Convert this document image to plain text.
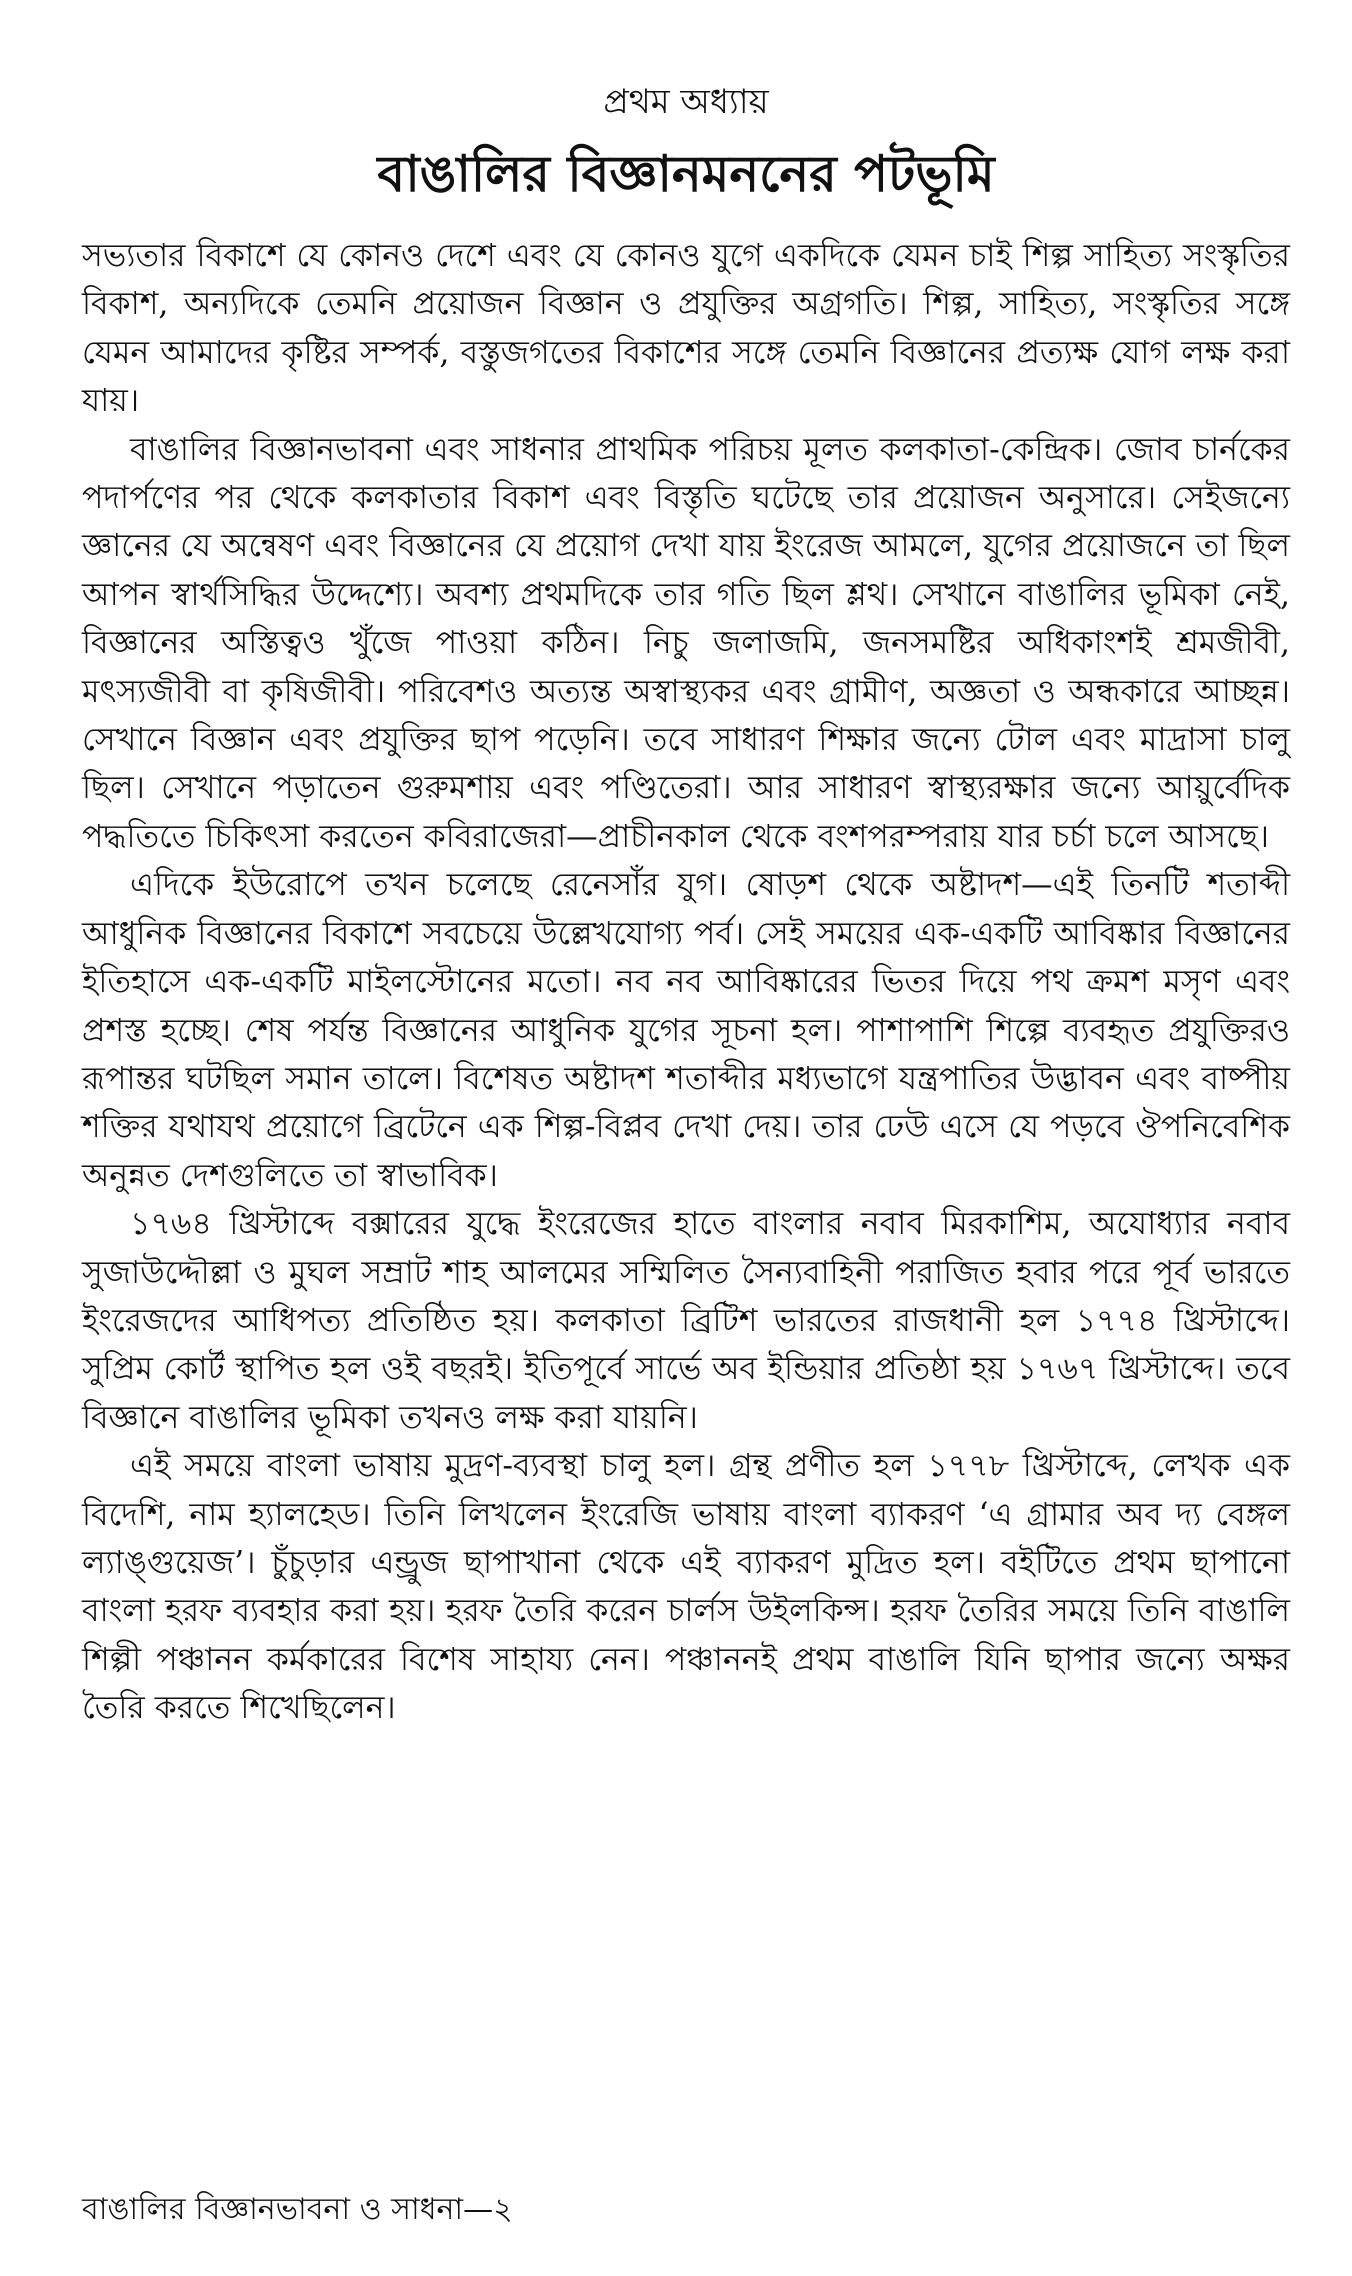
প্রথম অধ্যায়
বাঙালির বিজ্ঞানমননের পটভূমি

সভ্যতার বিকাশে যে কোনও দেশে এবং যে কোনও যুগে একদিকে যেমন চাই শিল্প সাহিত্য সংস্কৃতির বিকাশ, অন্যদিকে তেমনি প্রয়োজন বিজ্ঞান ও প্রযুক্তির অগ্রগতি। শিল্প, সাহিত্য, সংস্কৃতির সঙ্গে যেমন আমাদের কৃষ্টির সম্পর্ক, বস্তুজগতের বিকাশের সঙ্গে তেমনি বিজ্ঞানের প্রত্যক্ষ যোগ লক্ষ করা যায়।

বাঙালির বিজ্ঞানভাবনা এবং সাধনার প্রাথমিক পরিচয় মূলত কলকাতা-কেন্দ্রিক। জোব চার্নকের পদার্পণের পর থেকে কলকাতার বিকাশ এবং বিস্তৃতি ঘটেছে তার প্রয়োজন অনুসারে। সেইজন্যে জ্ঞানের যে অন্বেষণ এবং বিজ্ঞানের যে প্রয়োগ দেখা যায় ইংরেজ আমলে, যুগের প্রয়োজনে তা ছিল আপন স্বার্থসিদ্ধির উদ্দেশ্যে। অবশ্য প্রথমদিকে তার গতি ছিল শ্লথ। সেখানে বাঙালির ভূমিকা নেই, বিজ্ঞানের অস্তিত্বও খুঁজে পাওয়া কঠিন। নিচু জলাজমি, জনসমষ্টির অধিকাংশই শ্রমজীবী, মৎস্যজীবী বা কৃষিজীবী। পরিবেশও অত্যন্ত অস্বাস্থ্যকর এবং গ্রামীণ, অজ্ঞতা ও অন্ধকারে আচ্ছন্ন। সেখানে বিজ্ঞান এবং প্রযুক্তির ছাপ পড়েনি। তবে সাধারণ শিক্ষার জন্যে টোল এবং মাদ্রাসা চালু ছিল। সেখানে পড়াতেন গুরুমশায় এবং পণ্ডিতেরা। আর সাধারণ স্বাস্থ্যরক্ষার জন্যে আয়ুর্বেদিক পদ্ধতিতে চিকিৎসা করতেন কবিরাজেরা—প্রাচীনকাল থেকে বংশপরম্পরায় যার চর্চা চলে আসছে।

এদিকে ইউরোপে তখন চলেছে রেনেসাঁর যুগ। ষোড়শ থেকে অষ্টাদশ—এই তিনটি শতাব্দী আধুনিক বিজ্ঞানের বিকাশে সবচেয়ে উল্লেখযোগ্য পর্ব। সেই সময়ের এক-একটি আবিষ্কার বিজ্ঞানের ইতিহাসে এক-একটি মাইলস্টোনের মতো। নব নব আবিষ্কারের ভিতর দিয়ে পথ ক্রমশ মসৃণ এবং প্রশস্ত হচ্ছে। শেষ পর্যন্ত বিজ্ঞানের আধুনিক যুগের সূচনা হল। পাশাপাশি শিল্পে ব্যবহৃত প্রযুক্তিরও রূপান্তর ঘটছিল সমান তালে। বিশেষত অষ্টাদশ শতাব্দীর মধ্যভাগে যন্ত্রপাতির উদ্ভাবন এবং বাষ্পীয় শক্তির যথাযথ প্রয়োগে ব্রিটেনে এক শিল্প-বিপ্লব দেখা দেয়। তার ঢেউ এসে যে পড়বে ঔপনিবেশিক অনুন্নত দেশগুলিতে তা স্বাভাবিক।

১৭৬৪ খ্রিস্টাব্দে বক্সারের যুদ্ধে ইংরেজের হাতে বাংলার নবাব মিরকাশিম, অযোধ্যার নবাব সুজাউদ্দৌল্লা ও মুঘল সম্রাট শাহ আলমের সম্মিলিত সৈন্যবাহিনী পরাজিত হবার পরে পূর্ব ভারতে ইংরেজদের আধিপত্য প্রতিষ্ঠিত হয়। কলকাতা ব্রিটিশ ভারতের রাজধানী হল ১৭৭৪ খ্রিস্টাব্দে। সুপ্রিম কোর্ট স্থাপিত হল ওই বছরই। ইতিপূর্বে সার্ভে অব ইন্ডিয়ার প্রতিষ্ঠা হয় ১৭৬৭ খ্রিস্টাব্দে। তবে বিজ্ঞানে বাঙালির ভূমিকা তখনও লক্ষ করা যায়নি।

এই সময়ে বাংলা ভাষায় মুদ্রণ-ব্যবস্থা চালু হল। গ্রন্থ প্রণীত হল ১৭৭৮ খ্রিস্টাব্দে, লেখক এক বিদেশি, নাম হ্যালহেড। তিনি লিখলেন ইংরেজি ভাষায় বাংলা ব্যাকরণ ‘এ গ্রামার অব দ্য বেঙ্গল ল্যাঙ্গুয়েজ’। চুঁচুড়ার এন্ড্রুজ ছাপাখানা থেকে এই ব্যাকরণ মুদ্রিত হল। বইটিতে প্রথম ছাপানো বাংলা হরফ ব্যবহার করা হয়। হরফ তৈরি করেন চার্লস উইলকিন্স। হরফ তৈরির সময়ে তিনি বাঙালি শিল্পী পঞ্চানন কর্মকারের বিশেষ সাহায্য নেন। পঞ্চাননই প্রথম বাঙালি যিনি ছাপার জন্যে অক্ষর তৈরি করতে শিখেছিলেন।

বাঙালির বিজ্ঞানভাবনা ও সাধনা—২
